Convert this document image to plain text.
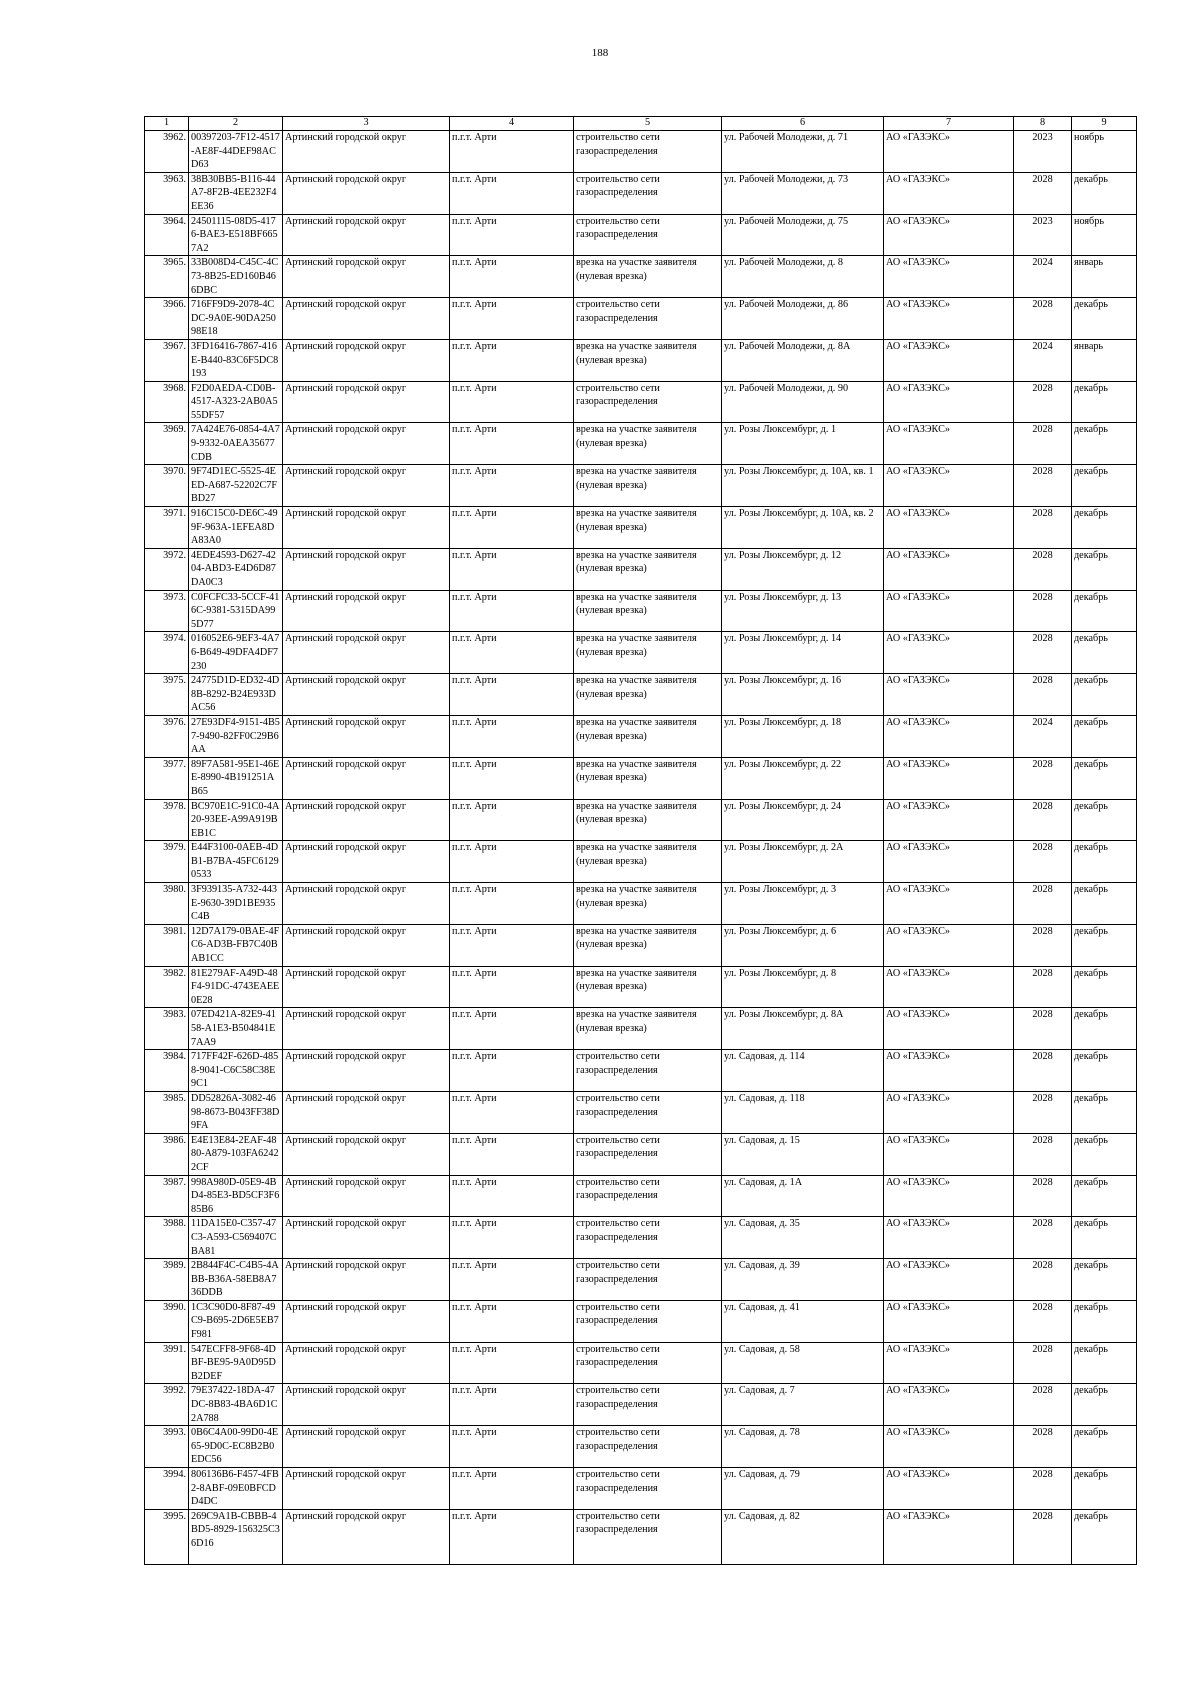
188
1	2	3	4	5	6	7	8	9
3962.	00397203-7F12-4517-AE8F-44DEF98ACD63	Артинский городской округ	п.г.т. Арти	строительство сети газораспределения	ул. Рабочей Молодежи, д. 71	АО «ГАЗЭКС»	2023	ноябрь
3963.	38B30BB5-B116-44A7-8F2B-4EE232F4EE36	Артинский городской округ	п.г.т. Арти	строительство сети газораспределения	ул. Рабочей Молодежи, д. 73	АО «ГАЗЭКС»	2028	декабрь
3964.	24501115-08D5-4176-BAE3-E518BF6657A2	Артинский городской округ	п.г.т. Арти	строительство сети газораспределения	ул. Рабочей Молодежи, д. 75	АО «ГАЗЭКС»	2023	ноябрь
3965.	33B008D4-C45C-4C73-8B25-ED160B466DBC	Артинский городской округ	п.г.т. Арти	врезка на участке заявителя (нулевая врезка)	ул. Рабочей Молодежи, д. 8	АО «ГАЗЭКС»	2024	январь
3966.	716FF9D9-2078-4CDC-9A0E-90DA25098E18	Артинский городской округ	п.г.т. Арти	строительство сети газораспределения	ул. Рабочей Молодежи, д. 86	АО «ГАЗЭКС»	2028	декабрь
3967.	3FD16416-7867-416E-B440-83C6F5DC8193	Артинский городской округ	п.г.т. Арти	врезка на участке заявителя (нулевая врезка)	ул. Рабочей Молодежи, д. 8А	АО «ГАЗЭКС»	2024	январь
3968.	F2D0AEDA-CD0B-4517-A323-2AB0A555DF57	Артинский городской округ	п.г.т. Арти	строительство сети газораспределения	ул. Рабочей Молодежи, д. 90	АО «ГАЗЭКС»	2028	декабрь
3969.	7A424E76-0854-4A79-9332-0AEA35677CDB	Артинский городской округ	п.г.т. Арти	врезка на участке заявителя (нулевая врезка)	ул. Розы Люксембург, д. 1	АО «ГАЗЭКС»	2028	декабрь
3970.	9F74D1EC-5525-4EED-A687-52202C7FBD27	Артинский городской округ	п.г.т. Арти	врезка на участке заявителя (нулевая врезка)	ул. Розы Люксембург, д. 10А, кв. 1	АО «ГАЗЭКС»	2028	декабрь
3971.	916C15C0-DE6C-499F-963A-1EFEA8DA83A0	Артинский городской округ	п.г.т. Арти	врезка на участке заявителя (нулевая врезка)	ул. Розы Люксембург, д. 10А, кв. 2	АО «ГАЗЭКС»	2028	декабрь
3972.	4EDE4593-D627-4204-ABD3-E4D6D87DA0C3	Артинский городской округ	п.г.т. Арти	врезка на участке заявителя (нулевая врезка)	ул. Розы Люксембург, д. 12	АО «ГАЗЭКС»	2028	декабрь
3973.	C0FCFC33-5CCF-416C-9381-5315DA995D77	Артинский городской округ	п.г.т. Арти	врезка на участке заявителя (нулевая врезка)	ул. Розы Люксембург, д. 13	АО «ГАЗЭКС»	2028	декабрь
3974.	016052E6-9EF3-4A76-B649-49DFA4DF7230	Артинский городской округ	п.г.т. Арти	врезка на участке заявителя (нулевая врезка)	ул. Розы Люксембург, д. 14	АО «ГАЗЭКС»	2028	декабрь
3975.	24775D1D-ED32-4D8B-8292-B24E933DAC56	Артинский городской округ	п.г.т. Арти	врезка на участке заявителя (нулевая врезка)	ул. Розы Люксембург, д. 16	АО «ГАЗЭКС»	2028	декабрь
3976.	27E93DF4-9151-4B57-9490-82FF0C29B6AA	Артинский городской округ	п.г.т. Арти	врезка на участке заявителя (нулевая врезка)	ул. Розы Люксембург, д. 18	АО «ГАЗЭКС»	2024	декабрь
3977.	89F7A581-95E1-46EE-8990-4B191251AB65	Артинский городской округ	п.г.т. Арти	врезка на участке заявителя (нулевая врезка)	ул. Розы Люксембург, д. 22	АО «ГАЗЭКС»	2028	декабрь
3978.	BC970E1C-91C0-4A20-93EE-A99A919BEB1C	Артинский городской округ	п.г.т. Арти	врезка на участке заявителя (нулевая врезка)	ул. Розы Люксембург, д. 24	АО «ГАЗЭКС»	2028	декабрь
3979.	E44F3100-0AEB-4DB1-B7BA-45FC61290533	Артинский городской округ	п.г.т. Арти	врезка на участке заявителя (нулевая врезка)	ул. Розы Люксембург, д. 2А	АО «ГАЗЭКС»	2028	декабрь
3980.	3F939135-A732-443E-9630-39D1BE935C4B	Артинский городской округ	п.г.т. Арти	врезка на участке заявителя (нулевая врезка)	ул. Розы Люксембург, д. 3	АО «ГАЗЭКС»	2028	декабрь
3981.	12D7A179-0BAE-4FC6-AD3B-FB7C40BAB1CC	Артинский городской округ	п.г.т. Арти	врезка на участке заявителя (нулевая врезка)	ул. Розы Люксембург, д. 6	АО «ГАЗЭКС»	2028	декабрь
3982.	81E279AF-A49D-48F4-91DC-4743EAEE0E28	Артинский городской округ	п.г.т. Арти	врезка на участке заявителя (нулевая врезка)	ул. Розы Люксембург, д. 8	АО «ГАЗЭКС»	2028	декабрь
3983.	07ED421A-82E9-4158-A1E3-B504841E7AA9	Артинский городской округ	п.г.т. Арти	врезка на участке заявителя (нулевая врезка)	ул. Розы Люксембург, д. 8А	АО «ГАЗЭКС»	2028	декабрь
3984.	717FF42F-626D-4858-9041-C6C58C38E9C1	Артинский городской округ	п.г.т. Арти	строительство сети газораспределения	ул. Садовая, д. 114	АО «ГАЗЭКС»	2028	декабрь
3985.	DD52826A-3082-4698-8673-B043FF38D9FA	Артинский городской округ	п.г.т. Арти	строительство сети газораспределения	ул. Садовая, д. 118	АО «ГАЗЭКС»	2028	декабрь
3986.	E4E13E84-2EAF-4880-A879-103FA62422CF	Артинский городской округ	п.г.т. Арти	строительство сети газораспределения	ул. Садовая, д. 15	АО «ГАЗЭКС»	2028	декабрь
3987.	998A980D-05E9-4BD4-85E3-BD5CF3F685B6	Артинский городской округ	п.г.т. Арти	строительство сети газораспределения	ул. Садовая, д. 1А	АО «ГАЗЭКС»	2028	декабрь
3988.	11DA15E0-C357-47C3-A593-C569407CBA81	Артинский городской округ	п.г.т. Арти	строительство сети газораспределения	ул. Садовая, д. 35	АО «ГАЗЭКС»	2028	декабрь
3989.	2B844F4C-C4B5-4ABB-B36A-58EB8A736DDB	Артинский городской округ	п.г.т. Арти	строительство сети газораспределения	ул. Садовая, д. 39	АО «ГАЗЭКС»	2028	декабрь
3990.	1C3C90D0-8F87-49C9-B695-2D6E5EB7F981	Артинский городской округ	п.г.т. Арти	строительство сети газораспределения	ул. Садовая, д. 41	АО «ГАЗЭКС»	2028	декабрь
3991.	547ECFF8-9F68-4DBF-BE95-9A0D95DB2DEF	Артинский городской округ	п.г.т. Арти	строительство сети газораспределения	ул. Садовая, д. 58	АО «ГАЗЭКС»	2028	декабрь
3992.	79E37422-18DA-47DC-8B83-4BA6D1C2A788	Артинский городской округ	п.г.т. Арти	строительство сети газораспределения	ул. Садовая, д. 7	АО «ГАЗЭКС»	2028	декабрь
3993.	0B6C4A00-99D0-4E65-9D0C-EC8B2B0EDC56	Артинский городской округ	п.г.т. Арти	строительство сети газораспределения	ул. Садовая, д. 78	АО «ГАЗЭКС»	2028	декабрь
3994.	806136B6-F457-4FB2-8ABF-09E0BFCDD4DC	Артинский городской округ	п.г.т. Арти	строительство сети газораспределения	ул. Садовая, д. 79	АО «ГАЗЭКС»	2028	декабрь
3995.	269C9A1B-CBBB-4BD5-8929-156325C36D16	Артинский городской округ	п.г.т. Арти	строительство сети газораспределения	ул. Садовая, д. 82	АО «ГАЗЭКС»	2028	декабрь
